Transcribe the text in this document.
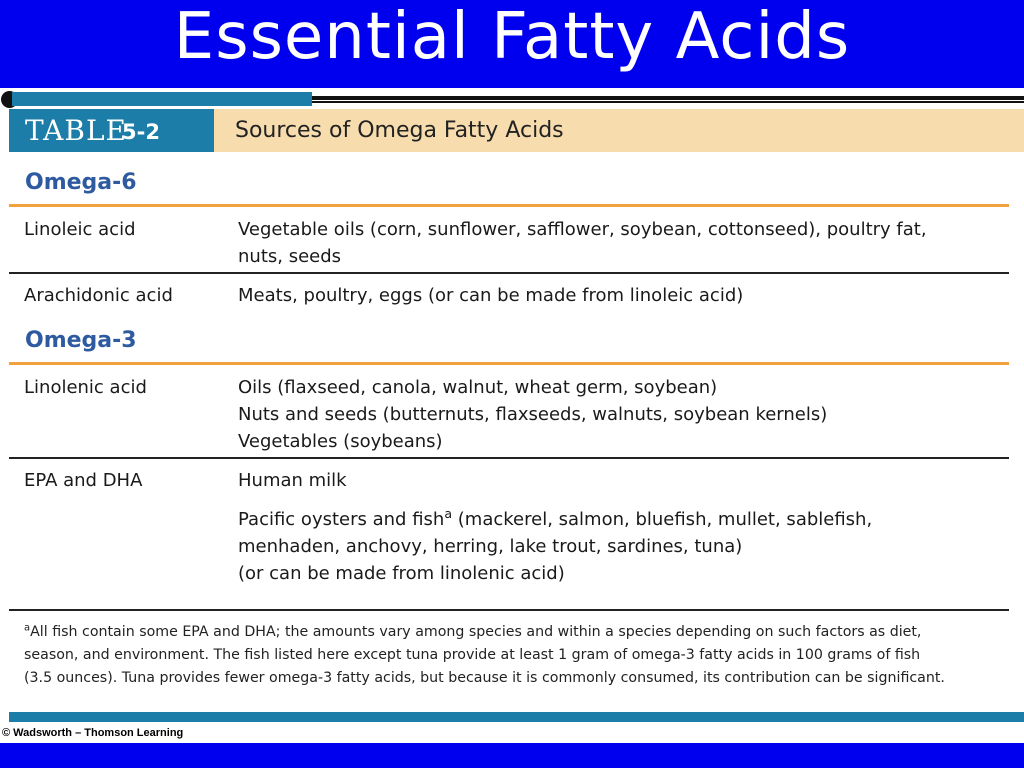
Essential Fatty Acids
TABLE
5-2	Sources of Omega Fatty Acids
Omega-6
Linoleic acid	Vegetable oils (corn, sunflower, safflower, soybean, cottonseed), poultry fat,
nuts, seeds
Arachidonic acid	Meats, poultry, eggs (or can be made from linoleic acid)
Omega-3
Linolenic acid	Oils (flaxseed, canola, walnut, wheat germ, soybean)
Nuts and seeds (butternuts, flaxseeds, walnuts, soybean kernels)
Vegetables (soybeans)
EPA and DHA	Human milk
Pacific oysters and fish$^a$ (mackerel, salmon, bluefish, mullet, sablefish,
menhaden, anchovy, herring, lake trout, sardines, tuna)
(or can be made from linolenic acid)
$^a$All fish contain some EPA and DHA; the amounts vary among species and within a species depending on such factors as diet,
season, and environment. The fish listed here except tuna provide at least 1 gram of omega-3 fatty acids in 100 grams of fish
(3.5 ounces). Tuna provides fewer omega-3 fatty acids, but because it is commonly consumed, its contribution can be significant.
© Wadsworth – Thomson Learning
